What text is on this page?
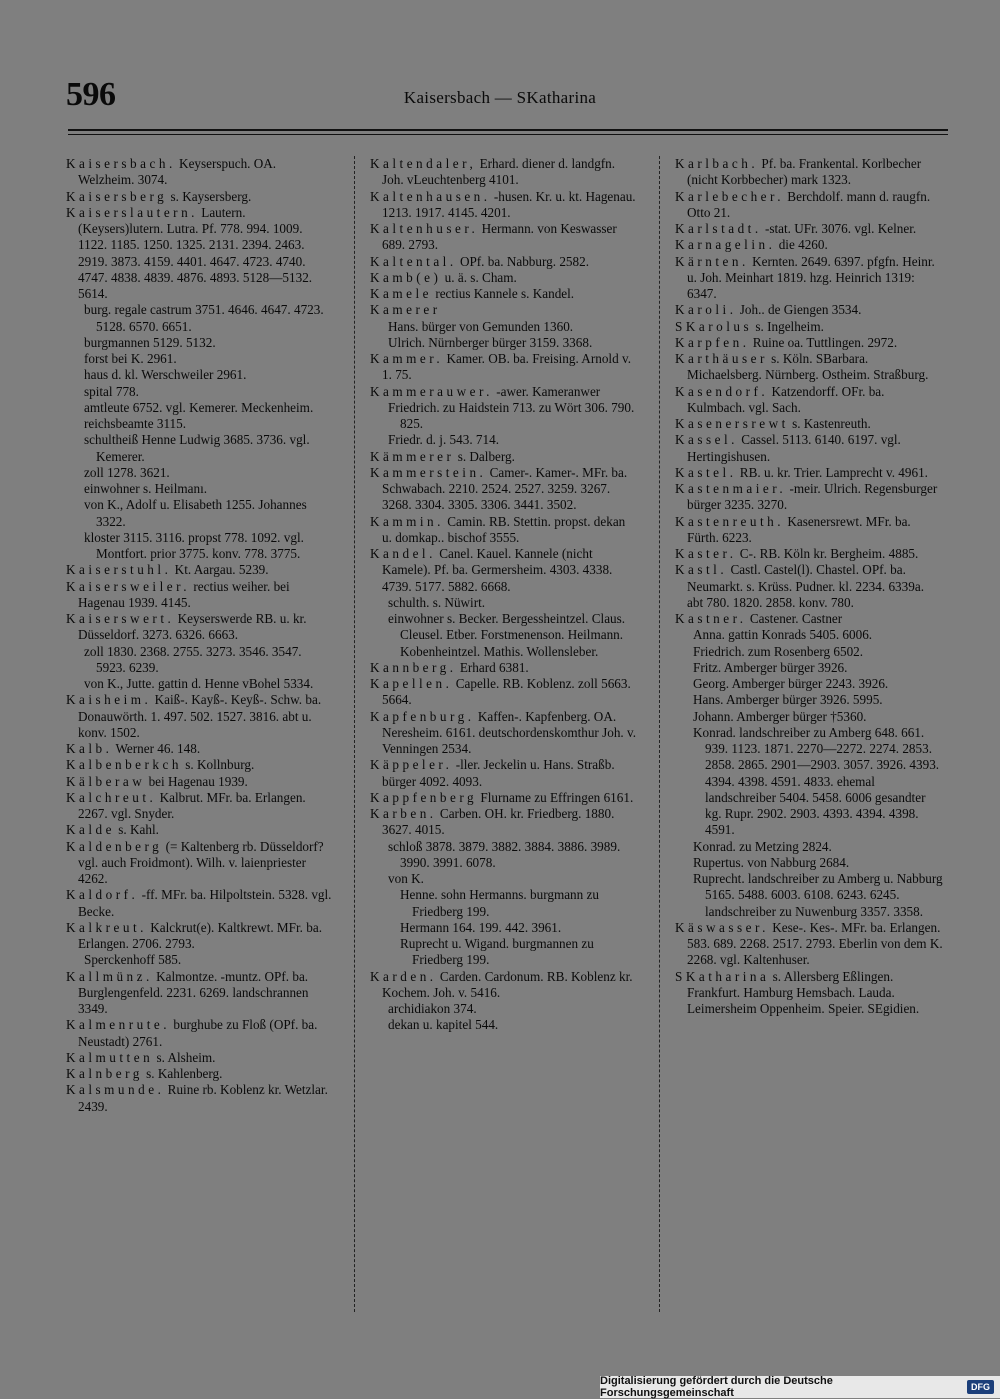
596	Kaisersbach — SKatharina

Kaisersbach. Keyserspuch. OA. Welzheim. 3074.

Kaisersberg s. Kaysersberg.

Kaiserslautern. Lautern. (Keysers)lutern. Lutra. Pf. 778. 994. 1009. 1122. 1185. 1250. 1325. 2131. 2394. 2463. 2919. 3873. 4159. 4401. 4647. 4723. 4740. 4747. 4838. 4839. 4876. 4893. 5128—5132. 5614.

burg. regale castrum 3751. 4646. 4647. 4723. 5128. 6570. 6651.

burgmannen 5129. 5132.

forst bei K. 2961.

haus d. kl. Werschweiler 2961.

spital 778.

amtleute 6752. vgl. Kemerer. Meckenheim.

reichsbeamte 3115.

schultheiß Henne Ludwig 3685. 3736. vgl. Kemerer.

zoll 1278. 3621.

einwohner s. Heilmanı.

von K., Adolf u. Elisabeth 1255. Johannes 3322.

kloster 3115. 3116. propst 778. 1092. vgl. Montfort. prior 3775. konv. 778. 3775.

Kaiserstuhl. Kt. Aargau. 5239.

Kaisersweiler. rectius weiher. bei Hagenau 1939. 4145.

Kaiserswert. Keyserswerde RB. u. kr. Düsseldorf. 3273. 6326. 6663.

zoll 1830. 2368. 2755. 3273. 3546. 3547. 5923. 6239.

von K., Jutte. gattin d. Henne vBohel 5334.

Kaisheim. Kaiß-. Kayß-. Keyß-. Schw. ba. Donauwörth. 1. 497. 502. 1527. 3816. abt u. konv. 1502.

Kalb. Werner 46. 148.

Kalbenberkch s. Kollnburg.

Kälberaw bei Hagenau 1939.

Kalchreut. Kalbrut. MFr. ba. Erlangen. 2267. vgl. Snyder.

Kalde s. Kahl.

Kaldenberg (= Kaltenberg rb. Düsseldorf? vgl. auch Froidmont). Wilh. v. laienpriester 4262.

Kaldorf. -ff. MFr. ba. Hilpoltstein. 5328. vgl. Becke.

Kalkreut. Kalckrut(e). Kaltkrewt. MFr. ba. Erlangen. 2706. 2793.

Sperckenhoff 585.

Kallmünz. Kalmontze. -muntz. OPf. ba. Burglengenfeld. 2231. 6269. landschrannen 3349.

Kalmenrute. burghube zu Floß (OPf. ba. Neustadt) 2761.

Kalmutten s. Alsheim.

Kalnberg s. Kahlenberg.

Kalsmunde. Ruine rb. Koblenz kr. Wetzlar. 2439.

Kaltendaler, Erhard. diener d. landgfn. Joh. vLeuchtenberg 4101.

Kaltenhausen. -husen. Kr. u. kt. Hagenau. 1213. 1917. 4145. 4201.

Kaltenhuser. Hermann. von Keswasser 689. 2793.

Kaltental. OPf. ba. Nabburg. 2582.

Kamb(e) u. ä. s. Cham.

Kamele rectius Kannele s. Kandel.

Kamerer

Hans. bürger von Gemunden 1360.

Ulrich. Nürnberger bürger 3159. 3368.

Kammer. Kamer. OB. ba. Freising. Arnold v. 1. 75.

Kammerauwer. -awer. Kameranwer

Friedrich. zu Haidstein 713. zu Wört 306. 790. 825.

Friedr. d. j. 543. 714.

Kämmerer s. Dalberg.

Kammerstein. Camer-. Kamer-. MFr. ba. Schwabach. 2210. 2524. 2527. 3259. 3267. 3268. 3304. 3305. 3306. 3441. 3502.

Kammin. Camin. RB. Stettin. propst. dekan u. domkap.. bischof 3555.

Kandel. Canel. Kauel. Kannele (nicht Kamele). Pf. ba. Germersheim. 4303. 4338. 4739. 5177. 5882. 6668.

schulth. s. Nüwirt.

einwohner s. Becker. Bergessheintzel. Claus. Cleusel. Etber. Forstmenenson. Heilmann. Kobenheintzel. Mathis. Wollensleber.

Kannberg. Erhard 6381.

Kapellen. Capelle. RB. Koblenz. zoll 5663. 5664.

Kapfenburg. Kaffen-. Kapfenberg. OA. Neresheim. 6161. deutschordenskomthur Joh. v. Venningen 2534.

Käppeler. -ller. Jeckelin u. Hans. Straßb. bürger 4092. 4093.

Kappfenberg Flurname zu Effringen 6161.

Karben. Carben. OH. kr. Friedberg. 1880. 3627. 4015.

schloß 3878. 3879. 3882. 3884. 3886. 3989. 3990. 3991. 6078.

von K.

Henne. sohn Hermanns. burgmann zu Friedberg 199.

Hermann 164. 199. 442. 3961.

Ruprecht u. Wigand. burgmannen zu Friedberg 199.

Karden. Carden. Cardonum. RB. Koblenz kr. Kochem. Joh. v. 5416.

archidiakon 374.

dekan u. kapitel 544.

Karlbach. Pf. ba. Frankental. Korlbecher (nicht Korbbecher) mark 1323.

Karlebecher. Berchdolf. mann d. raugfn. Otto 21.

Karlstadt. -stat. UFr. 3076. vgl. Kelner.

Karnagelin. die 4260.

Kärnten. Kernten. 2649. 6397. pfgfn. Heinr. u. Joh. Meinhart 1819. hzg. Heinrich 1319: 6347.

Karoli. Joh.. de Giengen 3534.

SKarolus s. Ingelheim.

Karpfen. Ruine oa. Tuttlingen. 2972.

Karthäuser s. Köln. SBarbara. Michaelsberg. Nürnberg. Ostheim. Straßburg.

Kasendorf. Katzendorff. OFr. ba. Kulmbach. vgl. Sach.

Kasenersrewt s. Kastenreuth.

Kassel. Cassel. 5113. 6140. 6197. vgl. Hertingishusen.

Kastel. RB. u. kr. Trier. Lamprecht v. 4961.

Kastenmaier. -meir. Ulrich. Regensburger bürger 3235. 3270.

Kastenreuth. Kasenersrewt. MFr. ba. Fürth. 6223.

Kaster. C-. RB. Köln kr. Bergheim. 4885.

Kastl. Castl. Castel(l). Chastel. OPf. ba. Neumarkt. s. Krüss. Pudner. kl. 2234. 6339a. abt 780. 1820. 2858. konv. 780.

Kastner. Castener. Castner

Anna. gattin Konrads 5405. 6006.

Friedrich. zum Rosenberg 6502.

Fritz. Amberger bürger 3926.

Georg. Amberger bürger 2243. 3926.

Hans. Amberger bürger 3926. 5995.

Johann. Amberger bürger †5360.

Konrad. landschreiber zu Amberg 648. 661. 939. 1123. 1871. 2270—2272. 2274. 2853. 2858. 2865. 2901—2903. 3057. 3926. 4393. 4394. 4398. 4591. 4833. ehemal landschreiber 5404. 5458. 6006 gesandter kg. Rupr. 2902. 2903. 4393. 4394. 4398. 4591.

Konrad. zu Metzing 2824.

Rupertus. von Nabburg 2684.

Ruprecht. landschreiber zu Amberg u. Nabburg 5165. 5488. 6003. 6108. 6243. 6245. landschreiber zu Nuwenburg 3357. 3358.

Käswasser. Kese-. Kes-. MFr. ba. Erlangen. 583. 689. 2268. 2517. 2793. Eberlin von dem K. 2268. vgl. Kaltenhuser.

SKatharina s. Allersberg Eßlingen. Frankfurt. Hamburg Hemsbach. Lauda. Leimersheim Oppenheim. Speier. SEgidien.

Digitalisierung gefördert durch die Deutsche Forschungsgemeinschaft	DFG
